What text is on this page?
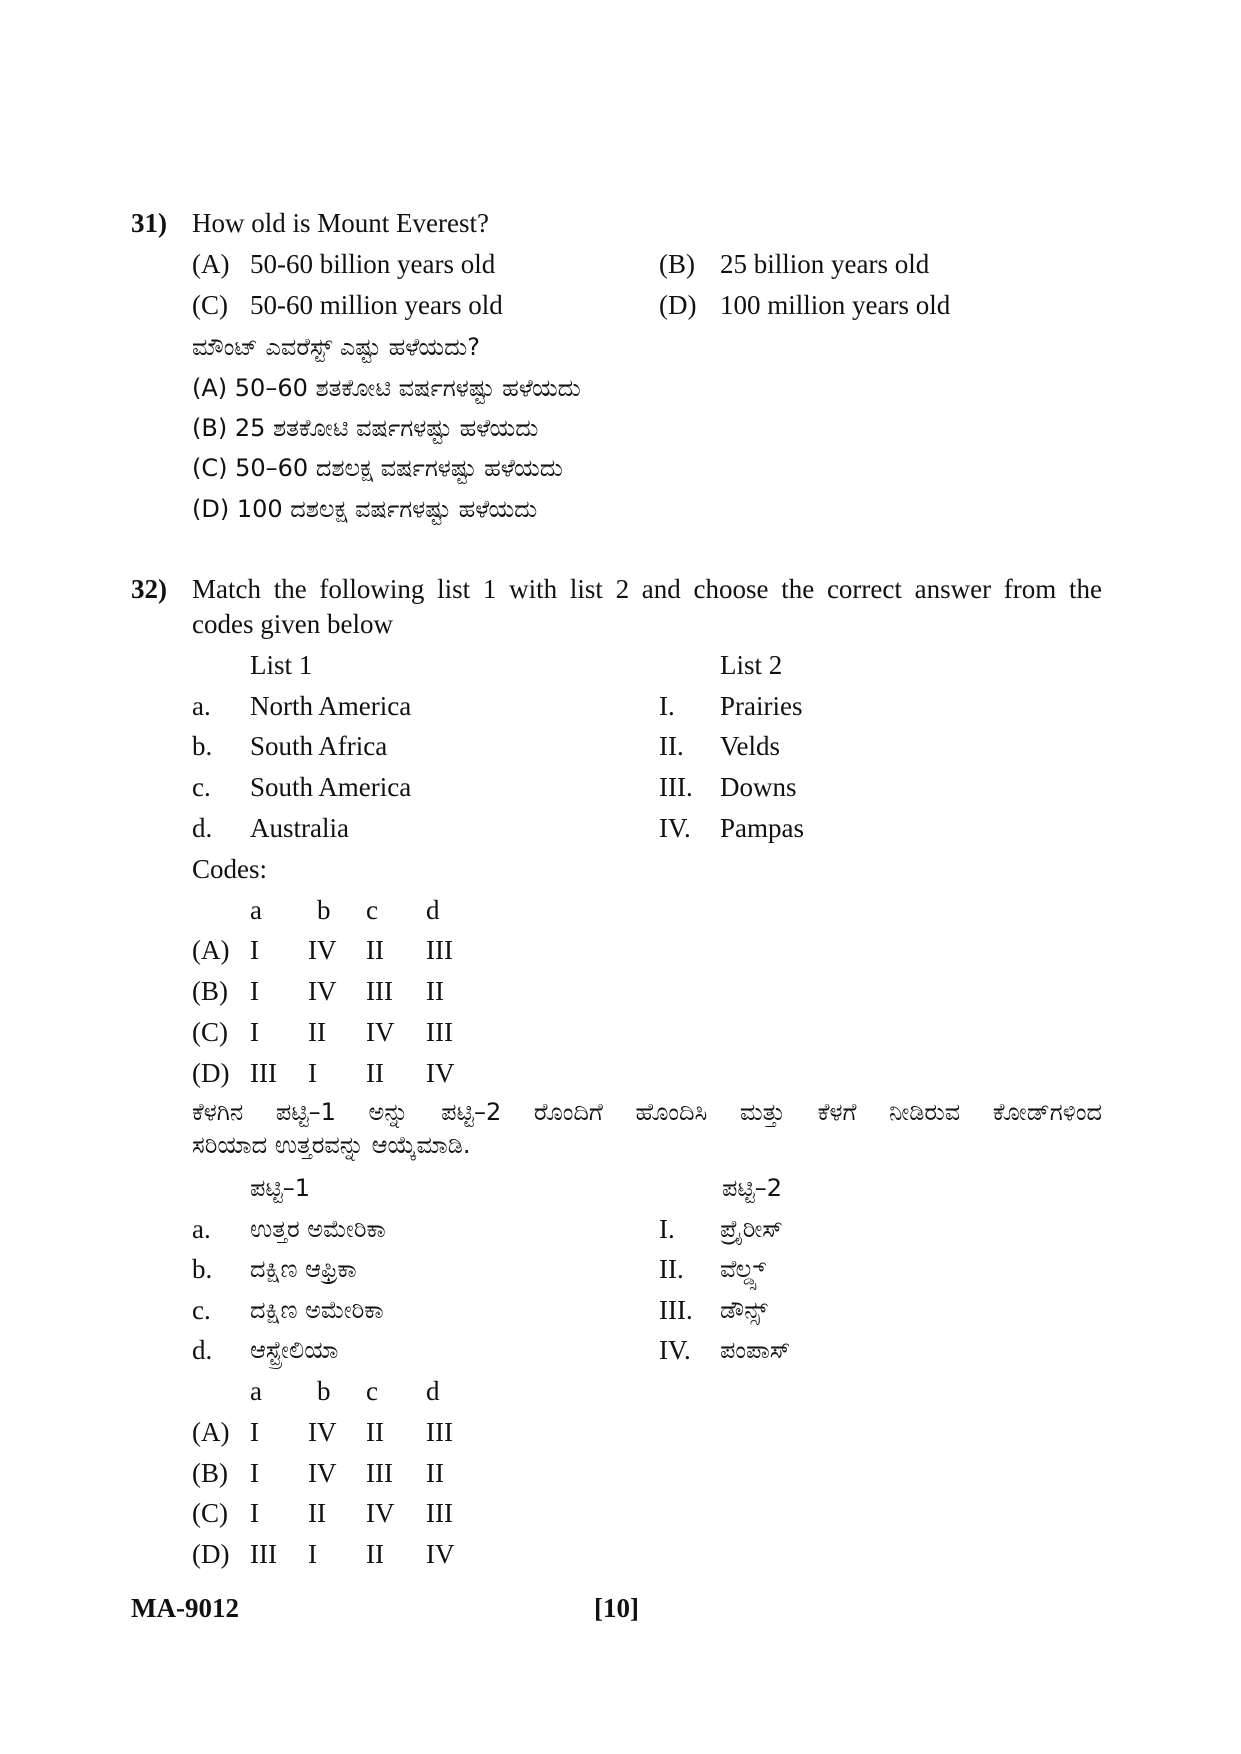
31) How old is Mount Everest?
(A) 50-60 billion years old	(B) 25 billion years old
(C) 50-60 million years old	(D) 100 million years old
ಮೌಂಟ್ ಎವರೆಸ್ಟ್ ಎಷ್ಟು ಹಳೆಯದು?
(A) 50–60 ಶತಕೋಟಿ ವರ್ಷಗಳಷ್ಟು ಹಳೆಯದು
(B) 25 ಶತಕೋಟಿ ವರ್ಷಗಳಷ್ಟು ಹಳೆಯದು
(C) 50–60 ದಶಲಕ್ಷ ವರ್ಷಗಳಷ್ಟು ಹಳೆಯದು
(D) 100 ದಶಲಕ್ಷ ವರ್ಷಗಳಷ್ಟು ಹಳೆಯದು
32) Match the following list 1 with list 2 and choose the correct answer from the
codes given below
List 1	List 2
a. North America	I. Prairies
b. South Africa	II. Velds
c. South America	III. Downs
d. Australia	IV. Pampas
Codes:
a b c d
(A) I IV II III
(B) I IV III II
(C) I II IV III
(D) III I II IV
ಕೆಳಗಿನ ಪಟ್ಟಿ–1 ಅನ್ನು ಪಟ್ಟಿ–2 ರೊಂದಿಗೆ ಹೊಂದಿಸಿ ಮತ್ತು ಕೆಳಗೆ ನೀಡಿರುವ ಕೋಡ್‌ಗಳಿಂದ
ಸರಿಯಾದ ಉತ್ತರವನ್ನು ಆಯ್ಕೆಮಾಡಿ.
ಪಟ್ಟಿ–1	ಪಟ್ಟಿ–2
a. ಉತ್ತರ ಅಮೇರಿಕಾ	I. ಪ್ರೈರೀಸ್
b. ದಕ್ಷಿಣ ಆಫ್ರಿಕಾ	II. ವೆಲ್ಡ್ಸ್
c. ದಕ್ಷಿಣ ಅಮೇರಿಕಾ	III. ಡೌನ್ಸ್
d. ಆಸ್ಟ್ರೇಲಿಯಾ	IV. ಪಂಪಾಸ್
a b c d
(A) I IV II III
(B) I IV III II
(C) I II IV III
(D) III I II IV
MA-9012	[10]
